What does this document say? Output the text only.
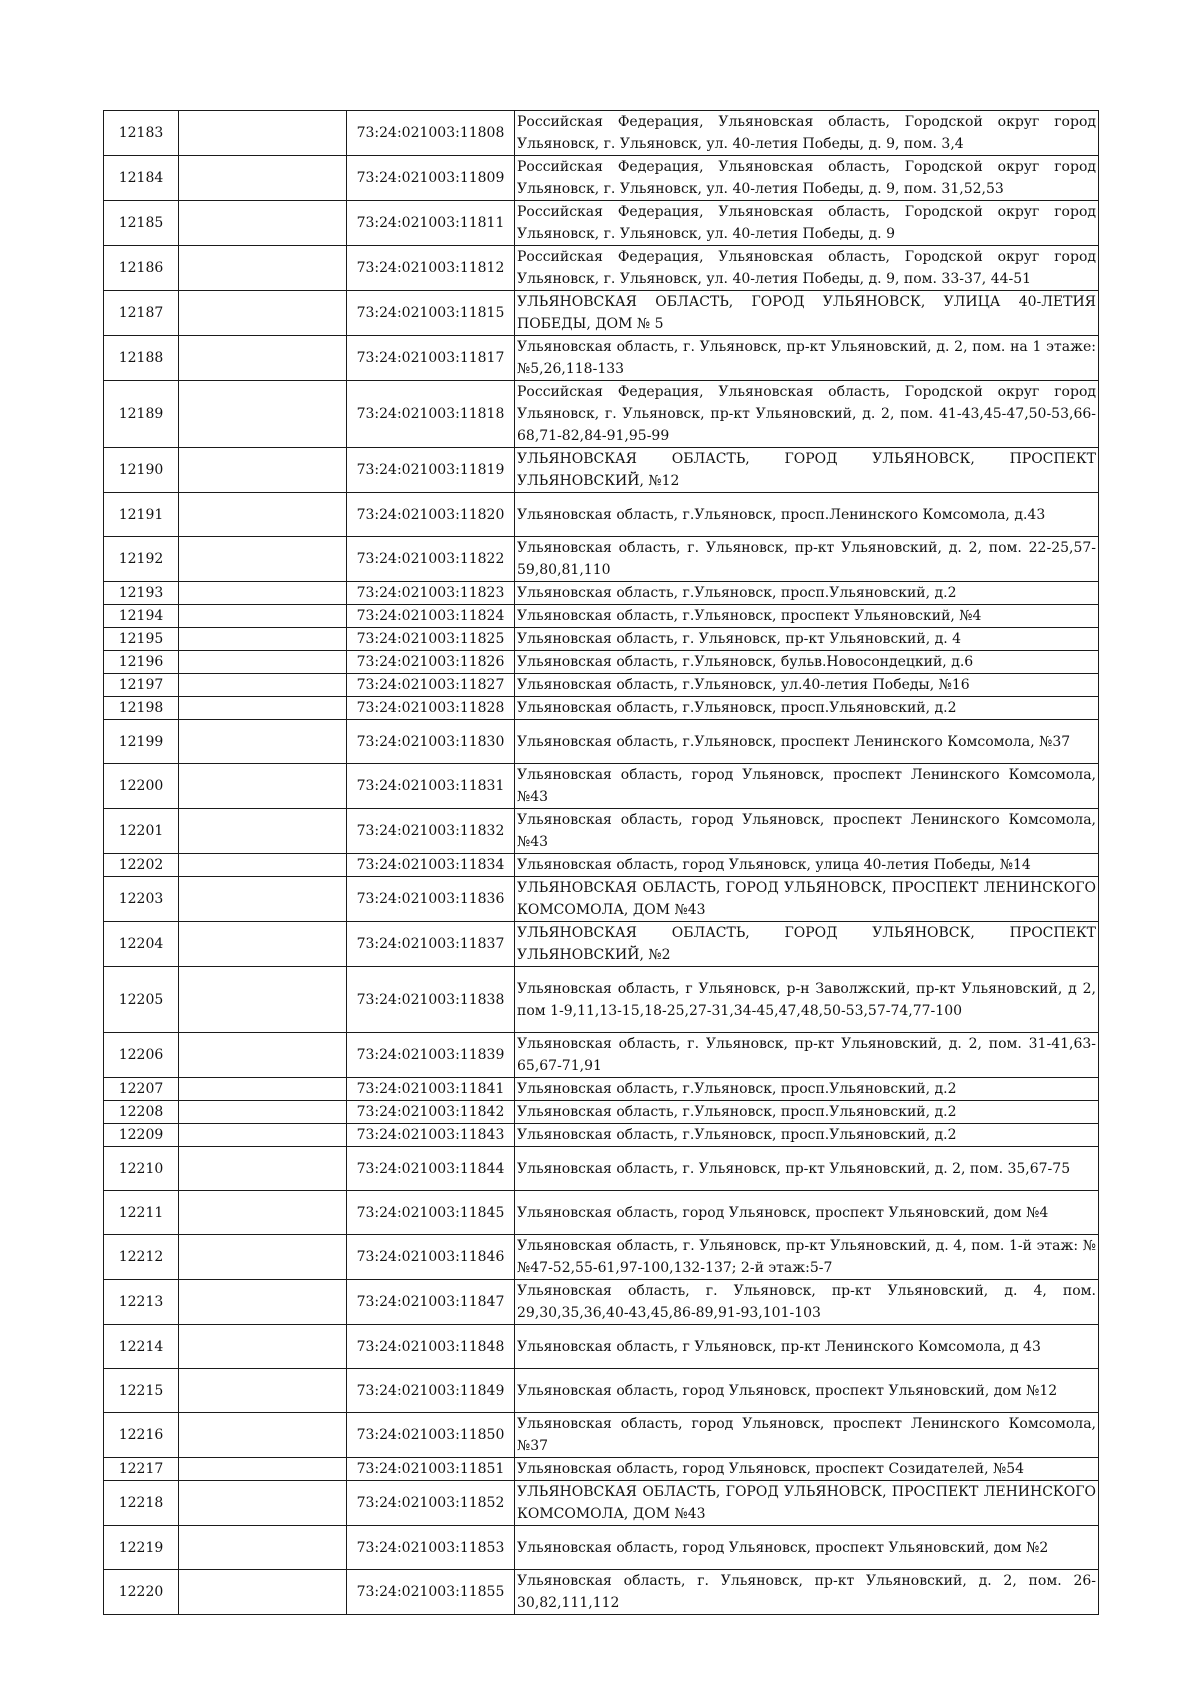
12183		73:24:021003:11808	Российская Федерация, Ульяновская область, Городской округ город Ульяновск, г. Ульяновск, ул. 40-летия Победы, д. 9, пом. 3,4
12184		73:24:021003:11809	Российская Федерация, Ульяновская область, Городской округ город Ульяновск, г. Ульяновск, ул. 40-летия Победы, д. 9, пом. 31,52,53
12185		73:24:021003:11811	Российская Федерация, Ульяновская область, Городской округ город Ульяновск, г. Ульяновск, ул. 40-летия Победы, д. 9
12186		73:24:021003:11812	Российская Федерация, Ульяновская область, Городской округ город Ульяновск, г. Ульяновск, ул. 40-летия Победы, д. 9, пом. 33-37, 44-51
12187		73:24:021003:11815	УЛЬЯНОВСКАЯ ОБЛАСТЬ, ГОРОД УЛЬЯНОВСК, УЛИЦА 40-ЛЕТИЯ ПОБЕДЫ, ДОМ № 5
12188		73:24:021003:11817	Ульяновская область, г. Ульяновск, пр-кт Ульяновский, д. 2, пом. на 1 этаже: №5,26,118-133
12189		73:24:021003:11818	Российская Федерация, Ульяновская область, Городской округ город Ульяновск, г. Ульяновск, пр-кт Ульяновский, д. 2, пом. 41-43,45-47,50-53,66-68,71-82,84-91,95-99
12190		73:24:021003:11819	УЛЬЯНОВСКАЯ ОБЛАСТЬ, ГОРОД УЛЬЯНОВСК, ПРОСПЕКТ УЛЬЯНОВСКИЙ, №12
12191		73:24:021003:11820	Ульяновская область, г.Ульяновск, просп.Ленинского Комсомола, д.43
12192		73:24:021003:11822	Ульяновская область, г. Ульяновск, пр-кт Ульяновский, д. 2, пом. 22-25,57-59,80,81,110
12193		73:24:021003:11823	Ульяновская область, г.Ульяновск, просп.Ульяновский, д.2
12194		73:24:021003:11824	Ульяновская область, г.Ульяновск, проспект Ульяновский, №4
12195		73:24:021003:11825	Ульяновская область, г. Ульяновск, пр-кт Ульяновский, д. 4
12196		73:24:021003:11826	Ульяновская область, г.Ульяновск, бульв.Новосондецкий, д.6
12197		73:24:021003:11827	Ульяновская область, г.Ульяновск, ул.40-летия Победы, №16
12198		73:24:021003:11828	Ульяновская область, г.Ульяновск, просп.Ульяновский, д.2
12199		73:24:021003:11830	Ульяновская область, г.Ульяновск, проспект Ленинского Комсомола, №37
12200		73:24:021003:11831	Ульяновская область, город Ульяновск, проспект Ленинского Комсомола, №43
12201		73:24:021003:11832	Ульяновская область, город Ульяновск, проспект Ленинского Комсомола, №43
12202		73:24:021003:11834	Ульяновская область, город Ульяновск, улица 40-летия Победы, №14
12203		73:24:021003:11836	УЛЬЯНОВСКАЯ ОБЛАСТЬ, ГОРОД УЛЬЯНОВСК, ПРОСПЕКТ ЛЕНИНСКОГО КОМСОМОЛА, ДОМ №43
12204		73:24:021003:11837	УЛЬЯНОВСКАЯ ОБЛАСТЬ, ГОРОД УЛЬЯНОВСК, ПРОСПЕКТ УЛЬЯНОВСКИЙ, №2
12205		73:24:021003:11838	Ульяновская область, г Ульяновск, р-н Заволжский, пр-кт Ульяновский, д 2, пом 1-9,11,13-15,18-25,27-31,34-45,47,48,50-53,57-74,77-100
12206		73:24:021003:11839	Ульяновская область, г. Ульяновск, пр-кт Ульяновский, д. 2, пом. 31-41,63-65,67-71,91
12207		73:24:021003:11841	Ульяновская область, г.Ульяновск, просп.Ульяновский, д.2
12208		73:24:021003:11842	Ульяновская область, г.Ульяновск, просп.Ульяновский, д.2
12209		73:24:021003:11843	Ульяновская область, г.Ульяновск, просп.Ульяновский, д.2
12210		73:24:021003:11844	Ульяновская область, г. Ульяновск, пр-кт Ульяновский, д. 2, пом. 35,67-75
12211		73:24:021003:11845	Ульяновская область, город Ульяновск, проспект Ульяновский, дом №4
12212		73:24:021003:11846	Ульяновская область, г. Ульяновск, пр-кт Ульяновский, д. 4, пом. 1-й этаж: №№47-52,55-61,97-100,132-137; 2-й этаж:5-7
12213		73:24:021003:11847	Ульяновская область, г. Ульяновск, пр-кт Ульяновский, д. 4, пом. 29,30,35,36,40-43,45,86-89,91-93,101-103
12214		73:24:021003:11848	Ульяновская область, г Ульяновск, пр-кт Ленинского Комсомола, д 43
12215		73:24:021003:11849	Ульяновская область, город Ульяновск, проспект Ульяновский, дом №12
12216		73:24:021003:11850	Ульяновская область, город Ульяновск, проспект Ленинского Комсомола, №37
12217		73:24:021003:11851	Ульяновская область, город Ульяновск, проспект Созидателей, №54
12218		73:24:021003:11852	УЛЬЯНОВСКАЯ ОБЛАСТЬ, ГОРОД УЛЬЯНОВСК, ПРОСПЕКТ ЛЕНИНСКОГО КОМСОМОЛА, ДОМ №43
12219		73:24:021003:11853	Ульяновская область, город Ульяновск, проспект Ульяновский, дом №2
12220		73:24:021003:11855	Ульяновская область, г. Ульяновск, пр-кт Ульяновский, д. 2, пом. 26-30,82,111,112
